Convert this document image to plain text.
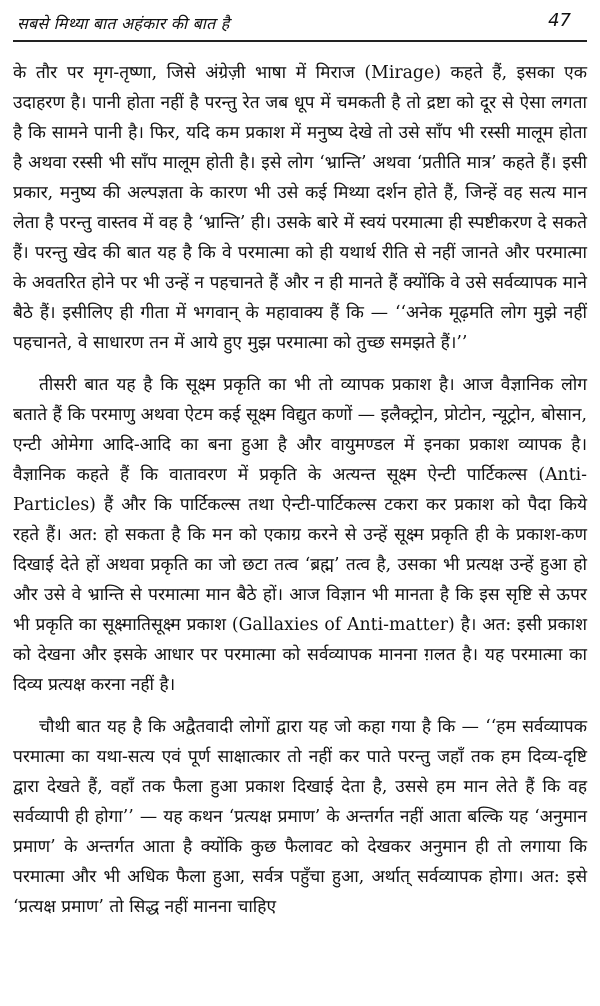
सबसे मिथ्या बात अहंकार की बात है	47

के तौर पर मृग-तृष्णा, जिसे अंग्रेज़ी भाषा में मिराज (Mirage) कहते हैं, इसका एक उदाहरण है। पानी होता नहीं है परन्तु रेत जब धूप में चमकती है तो द्रष्टा को दूर से ऐसा लगता है कि सामने पानी है। फिर, यदि कम प्रकाश में मनुष्य देखे तो उसे साँप भी रस्सी मालूम होता है अथवा रस्सी भी साँप मालूम होती है। इसे लोग ‘भ्रान्ति’ अथवा ‘प्रतीति मात्र’ कहते हैं। इसी प्रकार, मनुष्य की अल्पज्ञता के कारण भी उसे कई मिथ्या दर्शन होते हैं, जिन्हें वह सत्य मान लेता है परन्तु वास्तव में वह है ‘भ्रान्ति’ ही। उसके बारे में स्वयं परमात्मा ही स्पष्टीकरण दे सकते हैं। परन्तु खेद की बात यह है कि वे परमात्मा को ही यथार्थ रीति से नहीं जानते और परमात्मा के अवतरित होने पर भी उन्हें न पहचानते हैं और न ही मानते हैं क्योंकि वे उसे सर्वव्यापक माने बैठे हैं। इसीलिए ही गीता में भगवान् के महावाक्य हैं कि — ‘‘अनेक मूढ़मति लोग मुझे नहीं पहचानते, वे साधारण तन में आये हुए मुझ परमात्मा को तुच्छ समझते हैं।’’

तीसरी बात यह है कि सूक्ष्म प्रकृति का भी तो व्यापक प्रकाश है। आज वैज्ञानिक लोग बताते हैं कि परमाणु अथवा ऐटम कई सूक्ष्म विद्युत कणों — इलैक्ट्रोन, प्रोटोन, न्यूट्रोन, बोसान, एन्टी ओमेगा आदि-आदि का बना हुआ है और वायुमण्डल में इनका प्रकाश व्यापक है। वैज्ञानिक कहते हैं कि वातावरण में प्रकृति के अत्यन्त सूक्ष्म ऐन्टी पार्टिकल्स (Anti-Particles) हैं और कि पार्टिकल्स तथा ऐन्टी-पार्टिकल्स टकरा कर प्रकाश को पैदा किये रहते हैं। अत: हो सकता है कि मन को एकाग्र करने से उन्हें सूक्ष्म प्रकृति ही के प्रकाश-कण दिखाई देते हों अथवा प्रकृति का जो छटा तत्व ‘ब्रह्म’ तत्व है, उसका भी प्रत्यक्ष उन्हें हुआ हो और उसे वे भ्रान्ति से परमात्मा मान बैठे हों। आज विज्ञान भी मानता है कि इस सृष्टि से ऊपर भी प्रकृति का सूक्ष्मातिसूक्ष्म प्रकाश (Gallaxies of Anti-matter) है। अत: इसी प्रकाश को देखना और इसके आधार पर परमात्मा को सर्वव्यापक मानना ग़लत है। यह परमात्मा का दिव्य प्रत्यक्ष करना नहीं है।

चौथी बात यह है कि अद्वैतवादी लोगों द्वारा यह जो कहा गया है कि — ‘‘हम सर्वव्यापक परमात्मा का यथा-सत्य एवं पूर्ण साक्षात्कार तो नहीं कर पाते परन्तु जहाँ तक हम दिव्य-दृष्टि द्वारा देखते हैं, वहाँ तक फैला हुआ प्रकाश दिखाई देता है, उससे हम मान लेते हैं कि वह सर्वव्यापी ही होगा’’ — यह कथन ‘प्रत्यक्ष प्रमाण’ के अन्तर्गत नहीं आता बल्कि यह ‘अनुमान प्रमाण’ के अन्तर्गत आता है क्योंकि कुछ फैलावट को देखकर अनुमान ही तो लगाया कि परमात्मा और भी अधिक फैला हुआ, सर्वत्र पहुँचा हुआ, अर्थात् सर्वव्यापक होगा। अत: इसे ‘प्रत्यक्ष प्रमाण’ तो सिद्ध नहीं मानना चाहिए
